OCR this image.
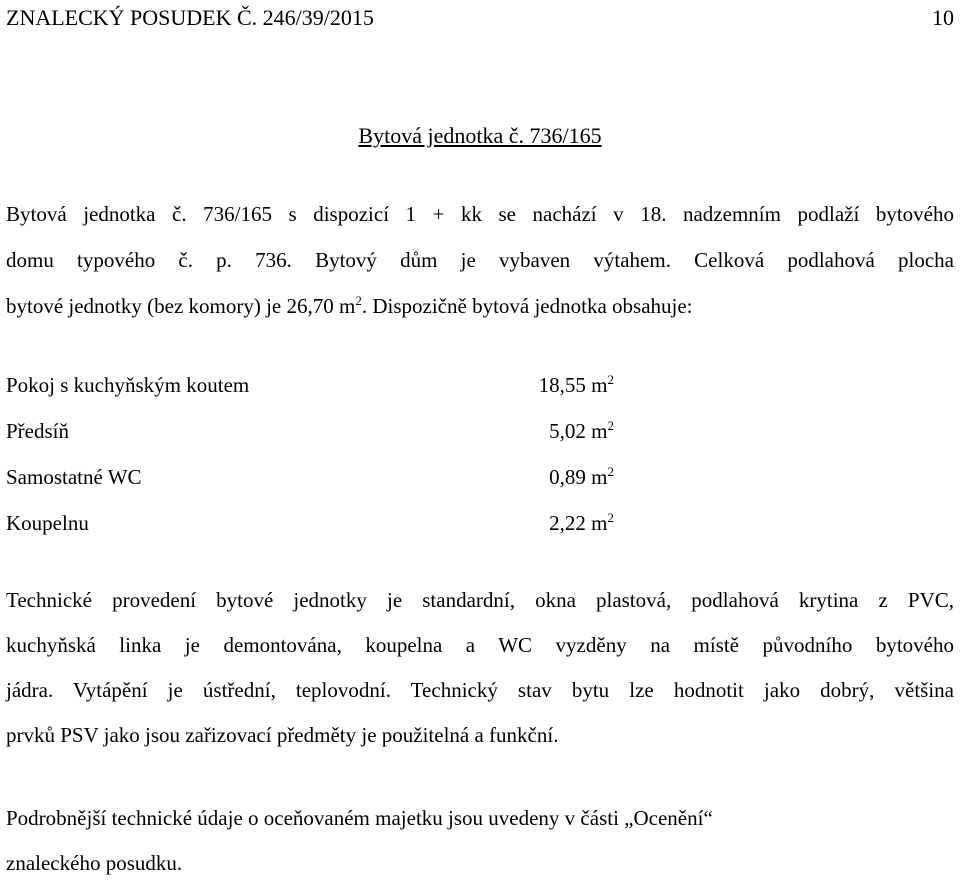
ZNALECKÝ POSUDEK Č. 246/39/2015	10
Bytová jednotka č. 736/165
Bytová jednotka č. 736/165 s dispozicí 1 + kk se nachází v 18. nadzemním podlaží bytového
domu typového č. p. 736. Bytový dům je vybaven výtahem. Celková podlahová plocha
bytové jednotky (bez komory) je 26,70 $m^2$. Dispozičně bytová jednotka obsahuje:
Pokoj s kuchyňským koutem	18,55 $m^2$
Předsíň	5,02 $m^2$
Samostatné WC	0,89 $m^2$
Koupelnu	2,22 $m^2$
Technické provedení bytové jednotky je standardní, okna plastová, podlahová krytina z PVC,
kuchyňská linka je demontována, koupelna a WC vyzděny na místě původního bytového
jádra. Vytápění je ústřední, teplovodní. Technický stav bytu lze hodnotit jako dobrý, většina
prvků PSV jako jsou zařizovací předměty je použitelná a funkční.
Podrobnější technické údaje o oceňovaném majetku jsou uvedeny v části „Ocenění“
znaleckého posudku.
